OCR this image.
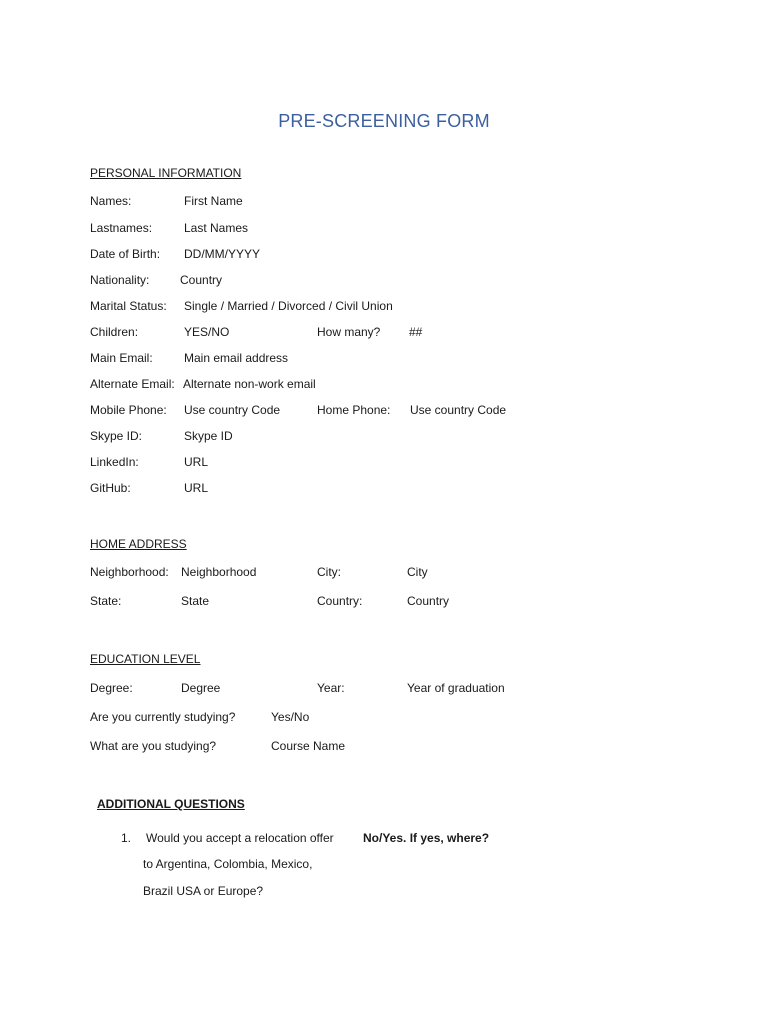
PRE-SCREENING FORM
PERSONAL INFORMATION
Names:	First Name
Lastnames:	Last Names
Date of Birth: DD/MM/YYYY
Nationality:	Country
Marital Status: Single / Married / Divorced / Civil Union
Children:	YES/NO	How many? ##
Main Email:	Main email address
Alternate Email: Alternate non-work email
Mobile Phone: Use country Code	Home Phone: Use country Code
Skype ID:	Skype ID
LinkedIn:	URL
GitHub:	URL
HOME ADDRESS
Neighborhood: Neighborhood	City:	City
State:	State	Country:	Country
EDUCATION LEVEL
Degree:	Degree	Year:	Year of graduation
Are you currently studying?	Yes/No
What are you studying?	Course Name
ADDITIONAL QUESTIONS
1. Would you accept a relocation offer No/Yes. If yes, where?
to Argentina, Colombia, Mexico,
Brazil USA or Europe?
